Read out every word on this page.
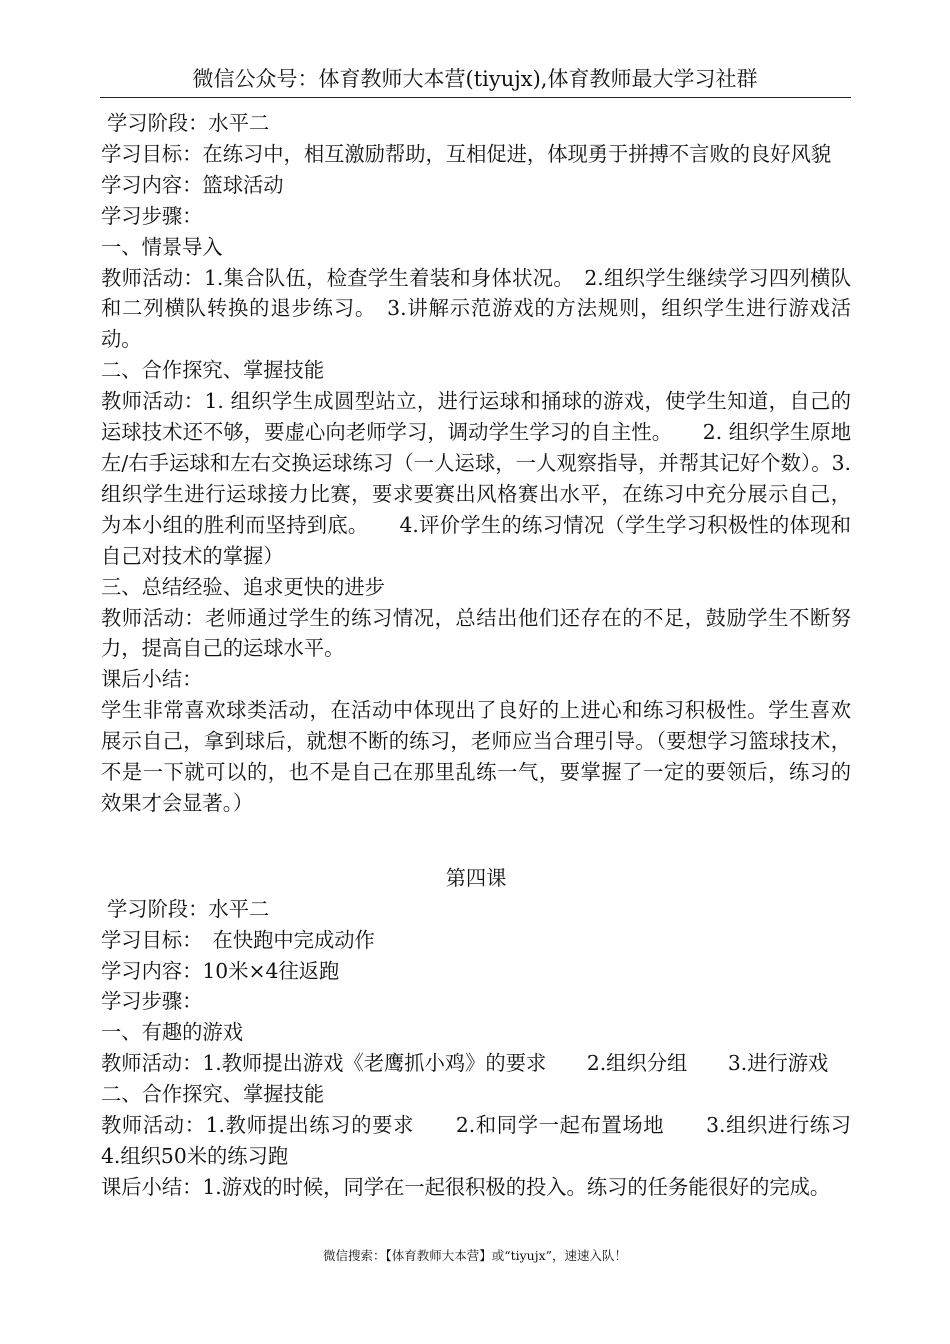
微信公众号：体育教师大本营(tiyujx),体育教师最大学习社群

学习阶段：水平二

学习目标：在练习中，相互激励帮助，互相促进，体现勇于拼搏不言败的良好风貌

学习内容：篮球活动

学习步骤：

一、情景导入

教师活动：1.集合队伍，检查学生着装和身体状况。　2.组织学生继续学习四列横队和二列横队转换的退步练习。　3.讲解示范游戏的方法规则，组织学生进行游戏活动。

二、合作探究、掌握技能

教师活动：1. 组织学生成圆型站立，进行运球和捅球的游戏，使学生知道，自己的运球技术还不够，要虚心向老师学习，调动学生学习的自主性。　　2. 组织学生原地左/右手运球和左右交换运球练习（一人运球，一人观察指导，并帮其记好个数）。3. 组织学生进行运球接力比赛，要求要赛出风格赛出水平，在练习中充分展示自己，为本小组的胜利而坚持到底。　　4.评价学生的练习情况（学生学习积极性的体现和自己对技术的掌握）

三、总结经验、追求更快的进步

教师活动：老师通过学生的练习情况，总结出他们还存在的不足，鼓励学生不断努力，提高自己的运球水平。

课后小结：

学生非常喜欢球类活动，在活动中体现出了良好的上进心和练习积极性。学生喜欢展示自己，拿到球后，就想不断的练习，老师应当合理引导。（要想学习篮球技术，不是一下就可以的，也不是自己在那里乱练一气，要掌握了一定的要领后，练习的效果才会显著。）

第四课

学习阶段：水平二

学习目标：　在快跑中完成动作

学习内容：10米×4往返跑

学习步骤：

一、有趣的游戏

教师活动：1.教师提出游戏《老鹰抓小鸡》的要求　　2.组织分组　　3.进行游戏

二、合作探究、掌握技能

教师活动：1.教师提出练习的要求　　2.和同学一起布置场地　　3.组织进行练习　4.组织50米的练习跑

课后小结：1.游戏的时候，同学在一起很积极的投入。练习的任务能很好的完成。

微信搜索：【体育教师大本营】或“tiyujx”，速速入队！
